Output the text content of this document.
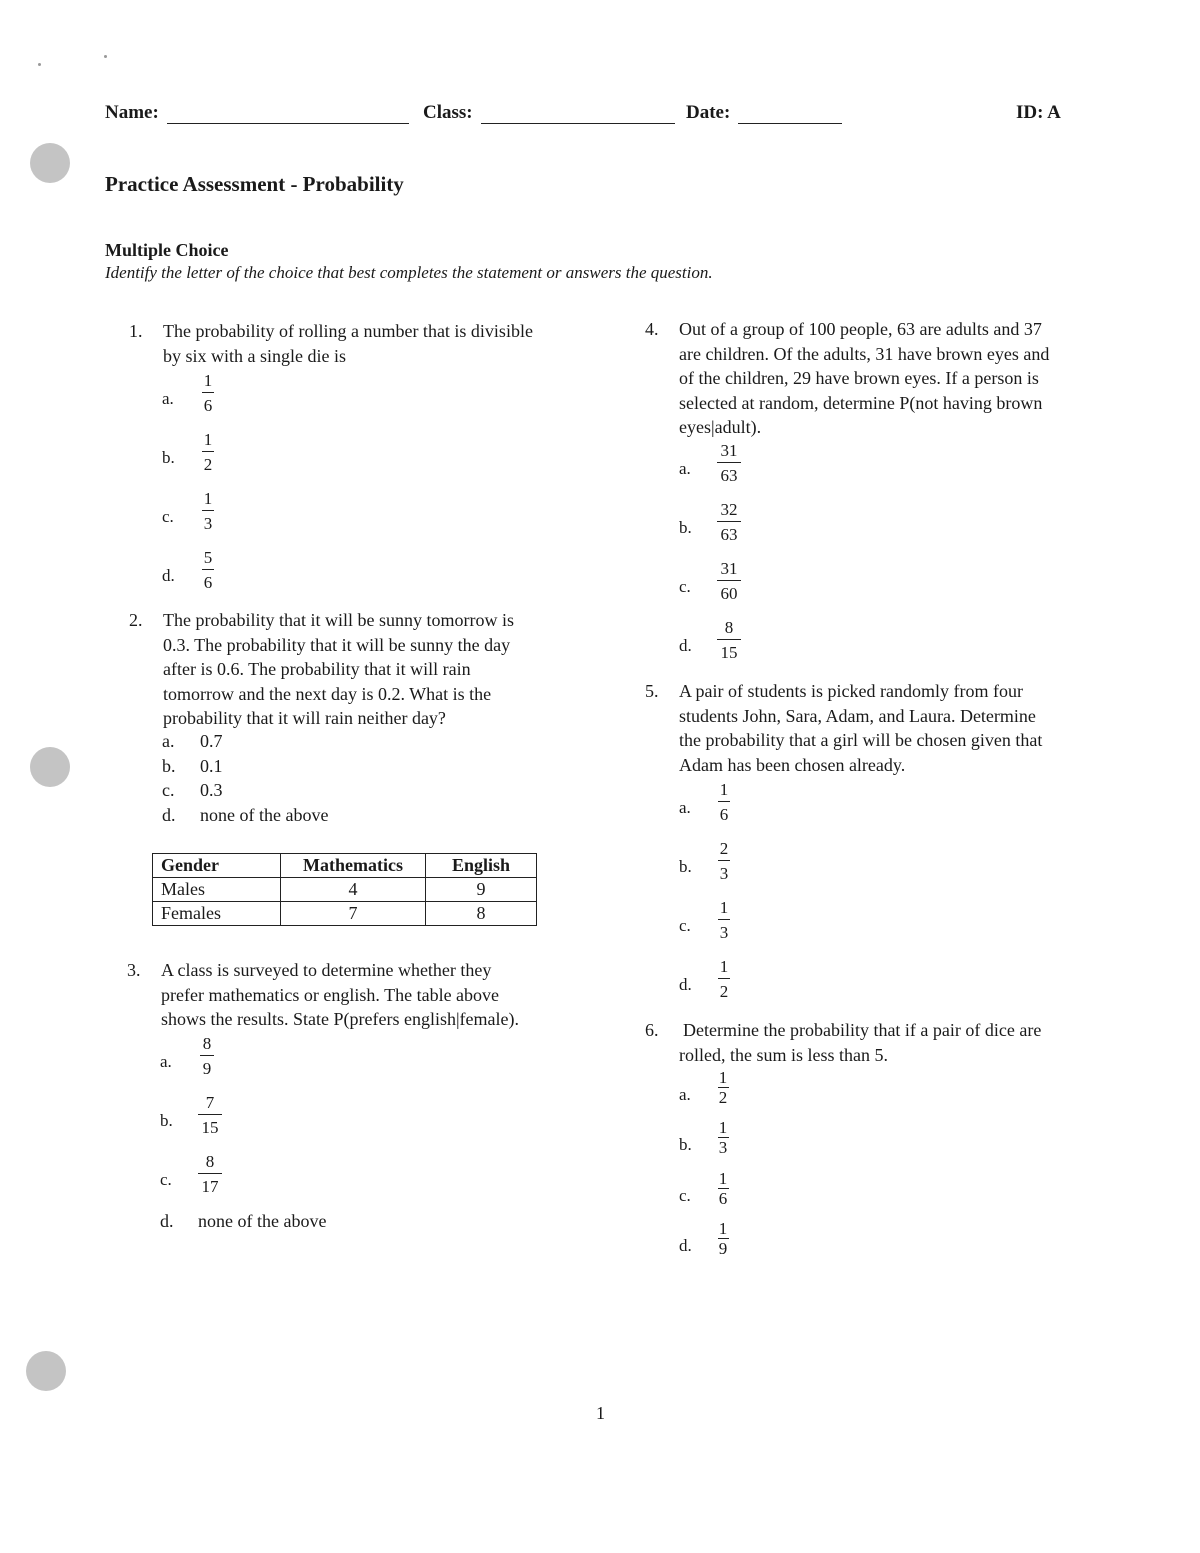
Name:	Class:	Date:	ID: A
Practice Assessment - Probability
Multiple Choice
Identify the letter of the choice that best completes the statement or answers the question.
1. The probability of rolling a number that is divisible
by six with a single die is
a.
1
6
b.
1
2
c.
1
3
d.
5
6
2. The probability that it will be sunny tomorrow is
0.3. The probability that it will be sunny the day
after is 0.6. The probability that it will rain
tomorrow and the next day is 0.2. What is the
probability that it will rain neither day?
a. 0.7
b. 0.1
c. 0.3
d. none of the above
Gender	Mathematics	English
Males	4	9
Females	7	8
3. A class is surveyed to determine whether they
prefer mathematics or english. The table above
shows the results. State P(prefers english|female).
a.
8
9
b.
7
15
c.
8
17
d. none of the above
4. Out of a group of 100 people, 63 are adults and 37
are children. Of the adults, 31 have brown eyes and
of the children, 29 have brown eyes. If a person is
selected at random, determine P(not having brown
eyes|adult).
a.
31
63
b.
32
63
c.
31
60
d.
8
15
5. A pair of students is picked randomly from four
students John, Sara, Adam, and Laura. Determine
the probability that a girl will be chosen given that
Adam has been chosen already.
a.
1
6
b.
2
3
c.
1
3
d.
1
2
6. Determine the probability that if a pair of dice are
rolled, the sum is less than 5.
a.
1
2
b.
1
3
c.
1
6
d.
1
9
1
